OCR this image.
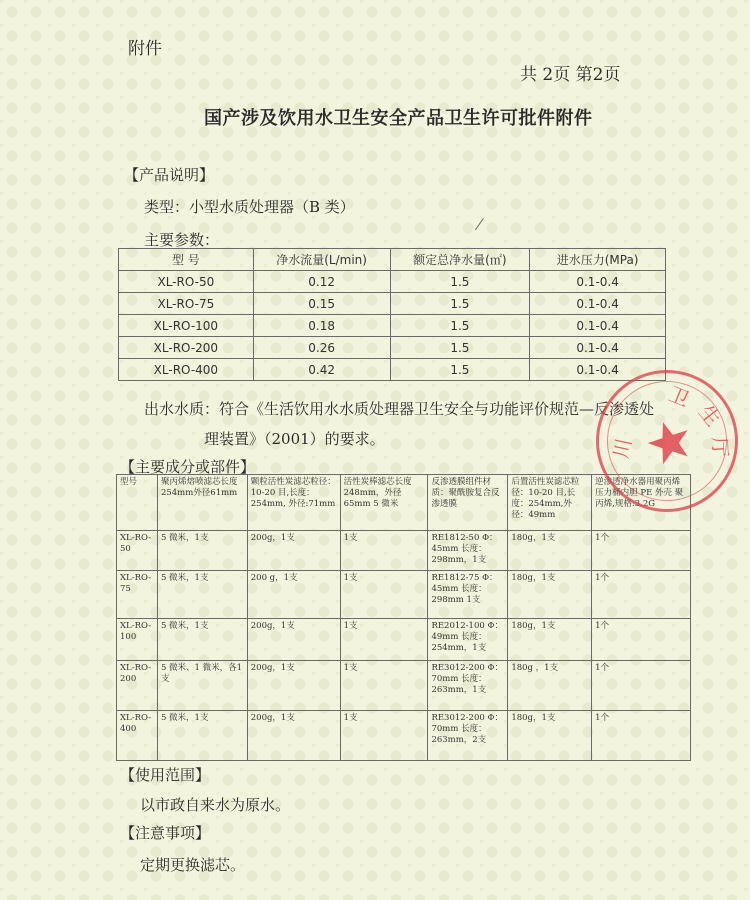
附件
共 2页 第2页
国产涉及饮用水卫生安全产品卫生许可批件附件
【产品说明】
类型：小型水质处理器（B 类）
主要参数：
型 号	净水流量(L/min)	额定总净水量(㎡)	进水压力(MPa)
XL-RO-50	0.12	1.5	0.1-0.4
XL-RO-75	0.15	1.5	0.1-0.4
XL-RO-100	0.18	1.5	0.1-0.4
XL-RO-200	0.26	1.5	0.1-0.4
XL-RO-400	0.42	1.5	0.1-0.4
出水水质：符合《生活饮用水水质处理器卫生安全与功能评价规范—反渗透处
理装置》（2001）的要求。
【主要成分或部件】
型号	聚丙烯熔喷滤芯长度254mm外径61mm	颗粒活性炭滤芯粒径：10-20 目,长度：254mm, 外径:71mm	活性炭棒滤芯长度248mm，外径 65mm 5 微米	反渗透膜组件材质：聚酰胺复合反渗透膜	后置活性炭滤芯粒径：10-20 目,长度：254mm,外径：49mm	逆渗透净水器用聚丙烯压力桶内胆 PE 外壳 聚丙烯,规格:3.2G
XL-RO-50	5 微米，1支	200g，1支	1支	RE1812-50 Φ：45mm 长度：298mm，1支	180g，1支	1个
XL-RO-75	5 微米，1支	200 g，1支	1支	RE1812-75 Φ：45mm 长度：298mm 1支	180g，1支	1个
XL-RO-100	5 微米，1支	200g，1支	1支	RE2012-100 Φ：49mm 长度：254mm，1支	180g，1支	1个
XL-RO-200	5 微米、1 微米，各1支	200g，1支	1支	RE3012-200 Φ：70mm 长度：263mm，1支	180g ，1支	1个
XL-RO-400	5 微米，1支	200g，1支	1支	RE3012-200 Φ：70mm 长度：263mm，2支	180g，1支	1个
【使用范围】
以市政自来水为原水。
【注意事项】
定期更换滤芯。
卫
生
厅
川
